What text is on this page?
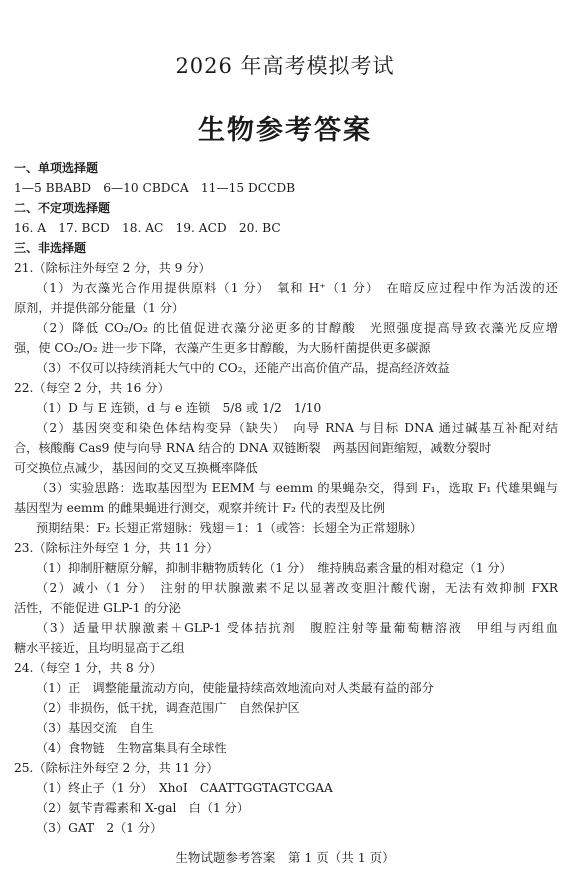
2026 年高考模拟考试
生物参考答案
一、单项选择题
1—5 BBABD　6—10 CBDCA　11—15 DCCDB
二、不定项选择题
16. A　17. BCD　18. AC　19. ACD　20. BC
三、非选择题
21.（除标注外每空 2 分，共 9 分）
（1）为衣藻光合作用提供原料（1 分）　氧和 H⁺（1 分）　在暗反应过程中作为活泼的还
原剂，并提供部分能量（1 分）
（2）降低 CO₂/O₂ 的比值促进衣藻分泌更多的甘醇酸　光照强度提高导致衣藻光反应增
强，使 CO₂/O₂ 进一步下降，衣藻产生更多甘醇酸，为大肠杆菌提供更多碳源
（3）不仅可以持续消耗大气中的 CO₂，还能产出高价值产品，提高经济效益
22.（每空 2 分，共 16 分）
（1）D 与 E 连锁，d 与 e 连锁　5/8 或 1/2　1/10
（2）基因突变和染色体结构变异（缺失）　向导 RNA 与目标 DNA 通过碱基互补配对结
合，核酸酶 Cas9 使与向导 RNA 结合的 DNA 双链断裂　两基因间距缩短，减数分裂时
可交换位点减少，基因间的交叉互换概率降低
（3）实验思路：选取基因型为 EEMM 与 eemm 的果蝇杂交，得到 F₁，选取 F₁ 代雄果蝇与
基因型为 eemm 的雌果蝇进行测交，观察并统计 F₂ 代的表型及比例
预期结果：F₂ 长翅正常翅脉：残翅＝1：1（或答：长翅全为正常翅脉）
23.（除标注外每空 1 分，共 11 分）
（1）抑制肝糖原分解，抑制非糖物质转化（1 分）　维持胰岛素含量的相对稳定（1 分）
（2）减小（1 分）　注射的甲状腺激素不足以显著改变胆汁酸代谢，无法有效抑制 FXR
活性，不能促进 GLP-1 的分泌
（3）适量甲状腺激素＋GLP-1 受体拮抗剂　腹腔注射等量葡萄糖溶液　甲组与丙组血
糖水平接近，且均明显高于乙组
24.（每空 1 分，共 8 分）
（1）正　调整能量流动方向，使能量持续高效地流向对人类最有益的部分
（2）非损伤，低干扰，调查范围广　自然保护区
（3）基因交流　自生
（4）食物链　生物富集具有全球性
25.（除标注外每空 2 分，共 11 分）
（1）终止子（1 分）　XhoI　CAATTGGTAGTCGAA
（2）氨苄青霉素和 X-gal　白（1 分）
（3）GAT　2（1 分）
生物试题参考答案　第 1 页（共 1 页）
